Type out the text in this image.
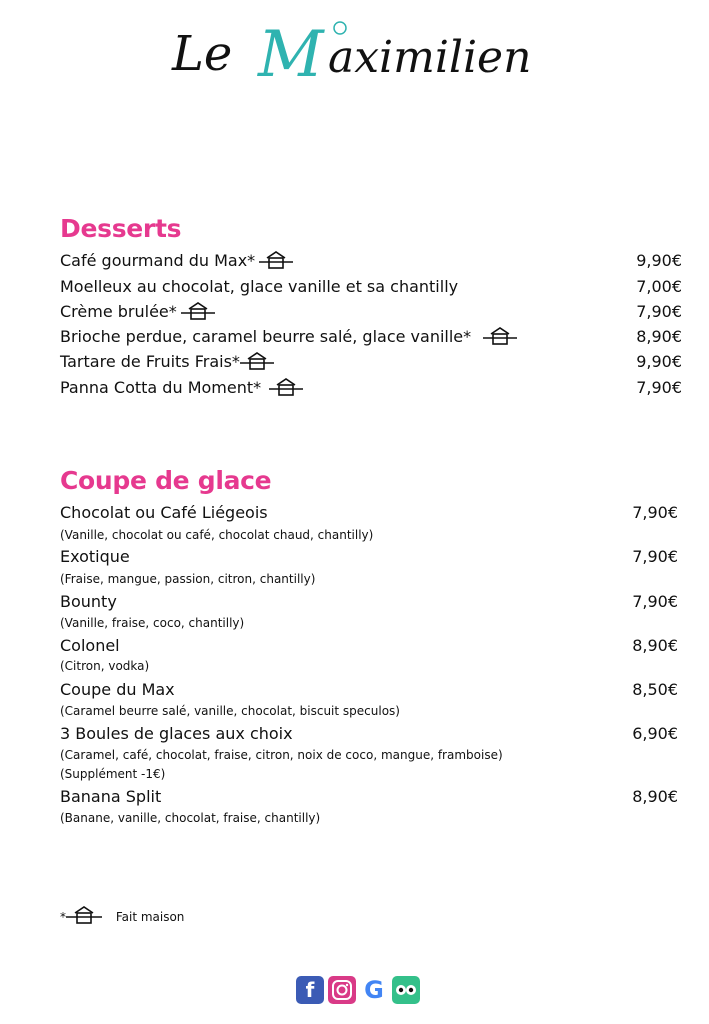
Le M aximilien
Desserts
Café gourmand du Max*	9,90€
Moelleux au chocolat, glace vanille et sa chantilly	7,00€
Crème brulée*	7,90€
Brioche perdue, caramel beurre salé, glace vanille*	8,90€
Tartare de Fruits Frais*	9,90€
Panna Cotta du Moment*	7,90€
Coupe de glace
Chocolat ou Café Liégeois	7,90€
(Vanille, chocolat ou café, chocolat chaud, chantilly)
Exotique	7,90€
(Fraise, mangue, passion, citron, chantilly)
Bounty	7,90€
(Vanille, fraise, coco, chantilly)
Colonel	8,90€
(Citron, vodka)
Coupe du Max	8,50€
(Caramel beurre salé, vanille, chocolat, biscuit speculos)
3 Boules de glaces aux choix	6,90€
(Caramel, café, chocolat, fraise, citron, noix de coco, mangue, framboise)
(Supplément -1€)
Banana Split	8,90€
(Banane, vanille, chocolat, fraise, chantilly)
*	Fait maison
f G
